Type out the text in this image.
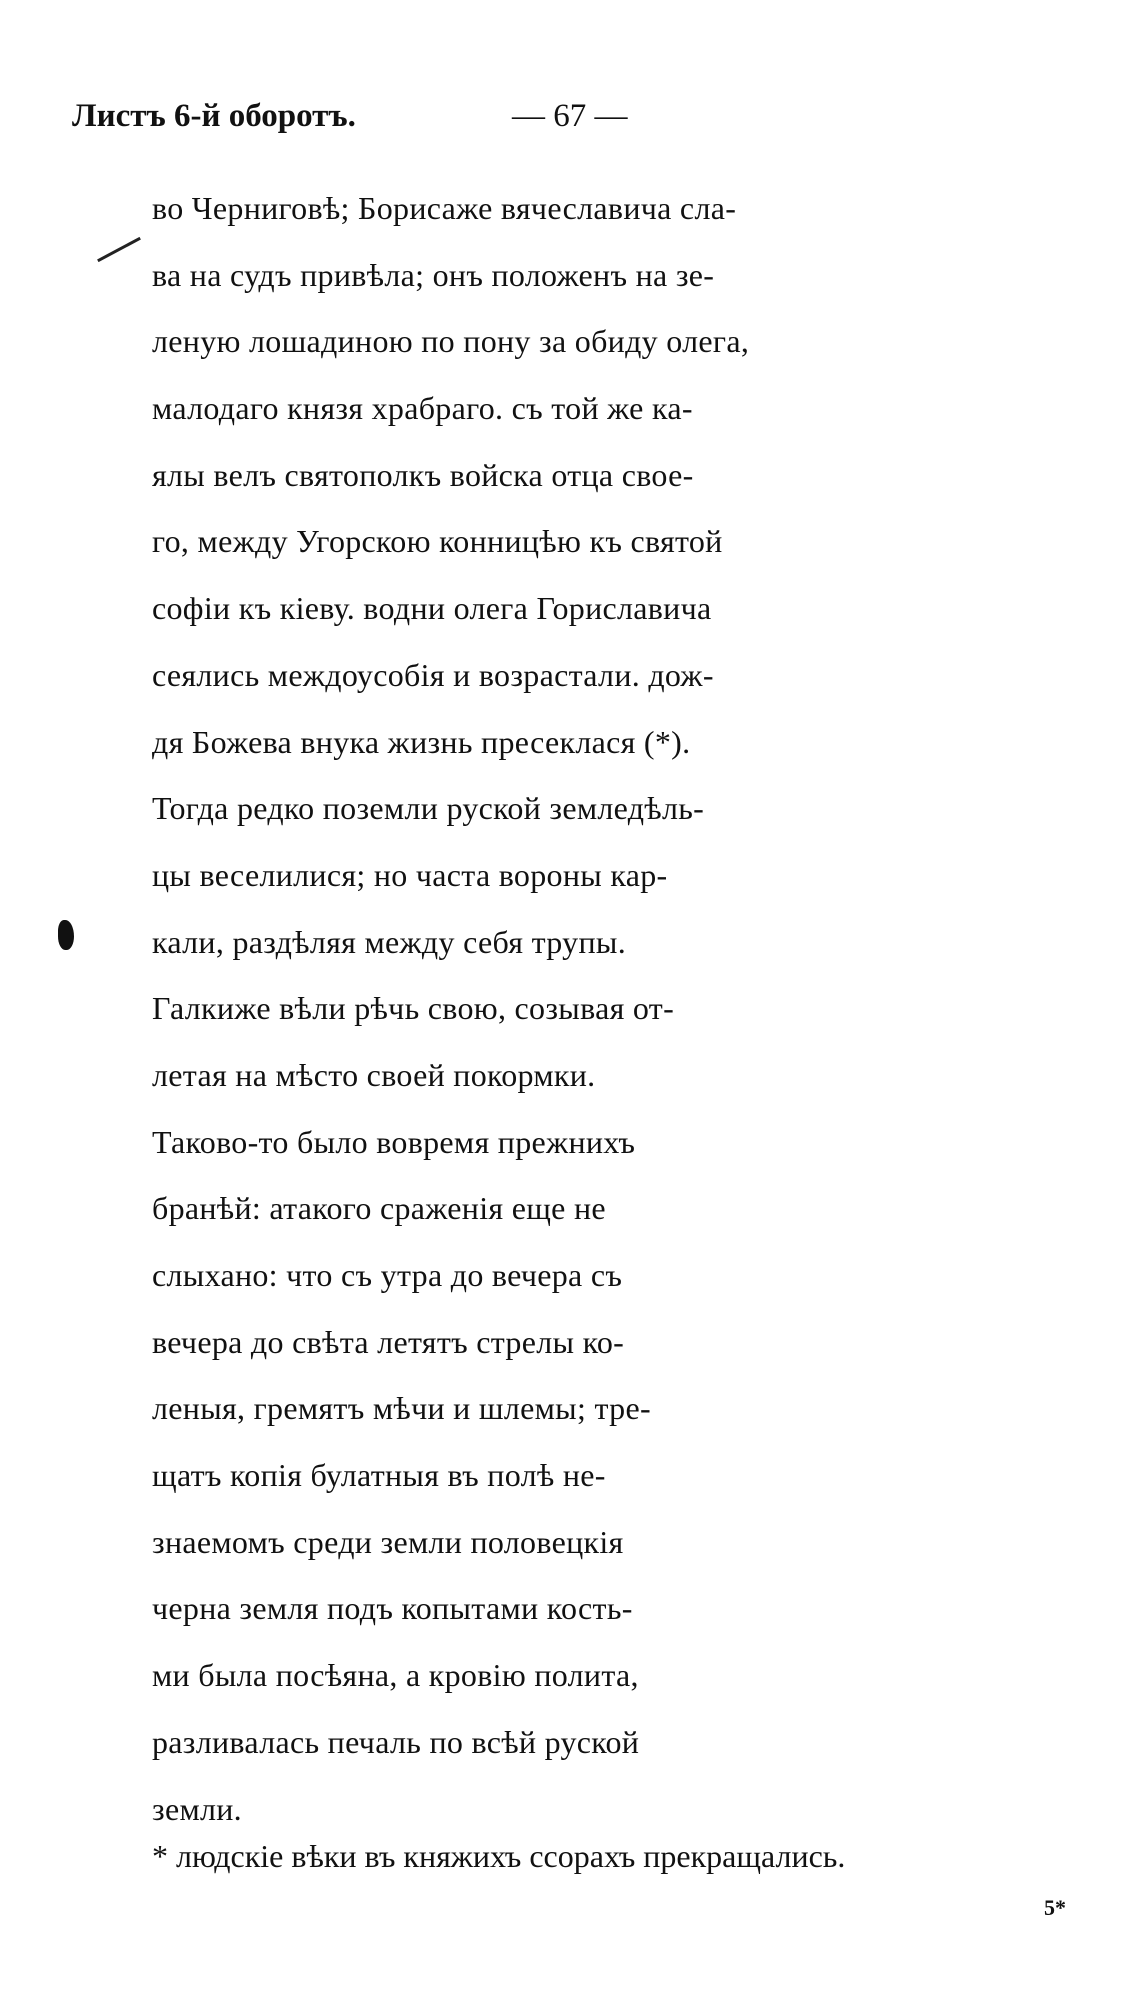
Листъ 6-й оборотъ.	— 67 —
во Черниговѣ; Борисаже вячеславича сла-
ва на судъ привѣла; онъ положенъ на зе-
леную лошадиною по пону за обиду олега,
малодаго князя храбраго. съ той же ка-
ялы велъ святополкъ войска отца свое-
го, между Угорскою конницѣю къ святой
софіи къ кіеву. водни олега Гориславича
сеялись междоусобія и возрастали. дож-
дя Божева внука жизнь пресеклася (*).
Тогда редко поземли руской земледѣль-
цы веселилися; но часта вороны кар-
кали, раздѣляя между себя трупы.
Галкиже вѣли рѣчь свою, созывая от-
летая на мѣсто своей покормки.
Таково-то было вовремя прежнихъ
бранѣй: атакого сраженія еще не
слыхано: что съ утра до вечера съ
вечера до свѣта летятъ стрелы ко-
леныя, гремятъ мѣчи и шлемы; тре-
щатъ копія булатныя въ полѣ не-
знаемомъ среди земли половецкія
черна земля подъ копытами кость-
ми была посѣяна, а кровію полита,
разливалась печаль по всѣй руской
земли.
* людскіе вѣки въ княжихъ ссорахъ прекращались.
5*
